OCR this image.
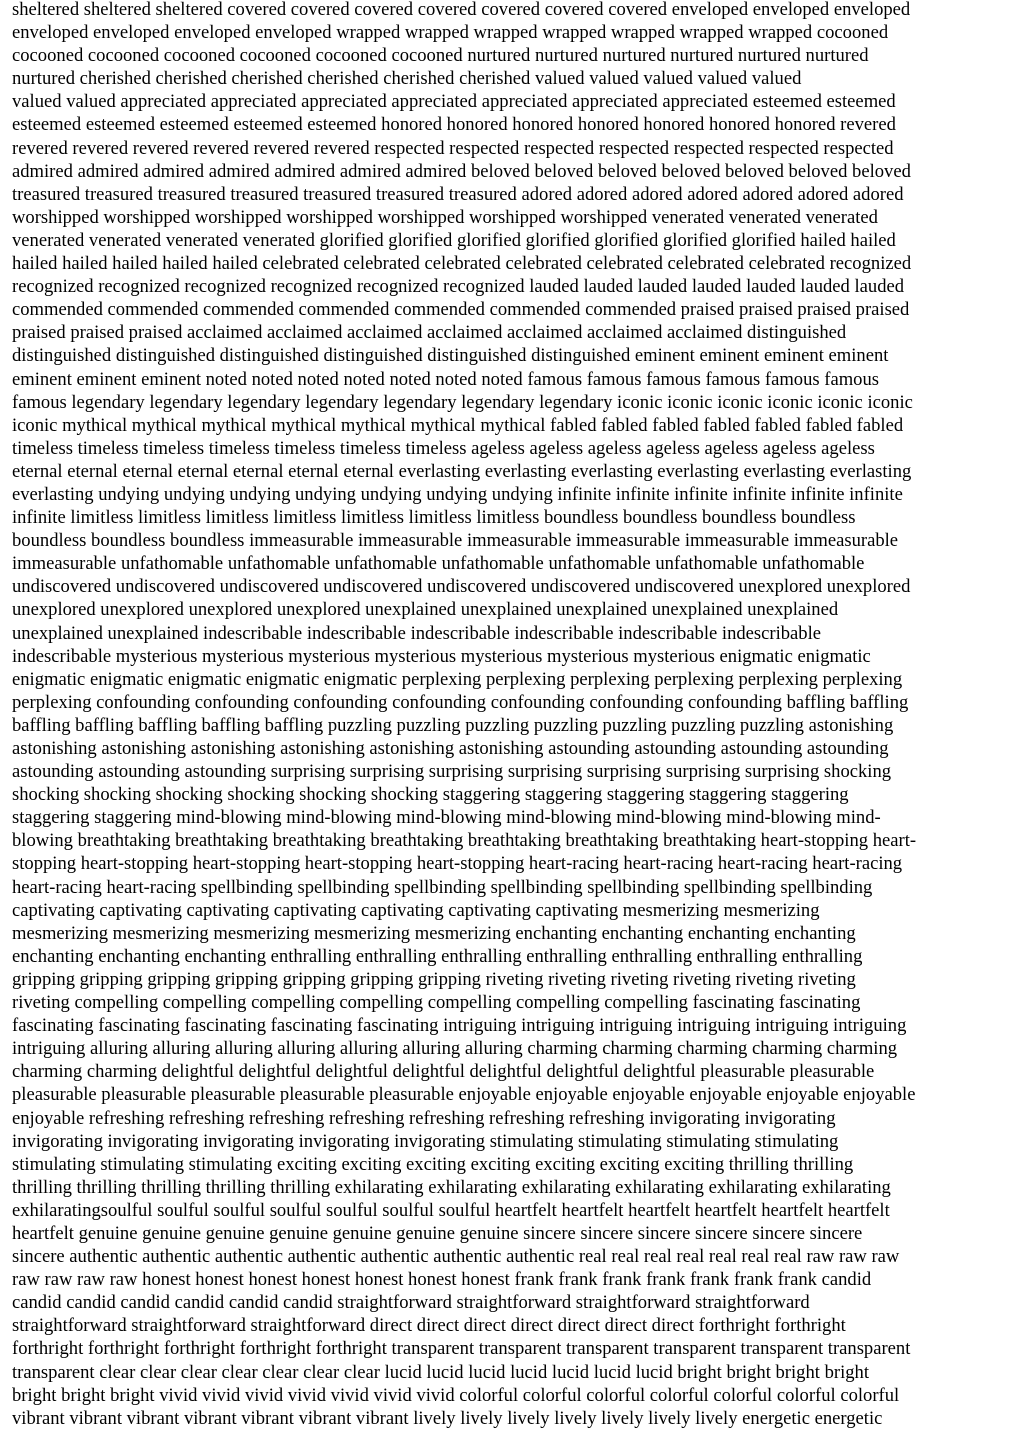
sheltered sheltered sheltered covered covered covered covered covered covered covered enveloped enveloped enveloped
enveloped enveloped enveloped enveloped wrapped wrapped wrapped wrapped wrapped wrapped wrapped cocooned
cocooned cocooned cocooned cocooned cocooned cocooned nurtured nurtured nurtured nurtured nurtured nurtured
nurtured cherished cherished cherished cherished cherished cherished valued valued valued valued valued
valued valued appreciated appreciated appreciated appreciated appreciated appreciated appreciated esteemed esteemed
esteemed esteemed esteemed esteemed esteemed honored honored honored honored honored honored honored revered
revered revered revered revered revered revered respected respected respected respected respected respected respected
admired admired admired admired admired admired admired beloved beloved beloved beloved beloved beloved beloved
treasured treasured treasured treasured treasured treasured treasured adored adored adored adored adored adored adored
worshipped worshipped worshipped worshipped worshipped worshipped worshipped venerated venerated venerated
venerated venerated venerated venerated glorified glorified glorified glorified glorified glorified glorified hailed hailed
hailed hailed hailed hailed hailed celebrated celebrated celebrated celebrated celebrated celebrated celebrated recognized
recognized recognized recognized recognized recognized recognized lauded lauded lauded lauded lauded lauded lauded
commended commended commended commended commended commended commended praised praised praised praised
praised praised praised acclaimed acclaimed acclaimed acclaimed acclaimed acclaimed acclaimed distinguished
distinguished distinguished distinguished distinguished distinguished distinguished eminent eminent eminent eminent
eminent eminent eminent noted noted noted noted noted noted noted famous famous famous famous famous famous
famous legendary legendary legendary legendary legendary legendary legendary iconic iconic iconic iconic iconic iconic
iconic mythical mythical mythical mythical mythical mythical mythical fabled fabled fabled fabled fabled fabled fabled
timeless timeless timeless timeless timeless timeless timeless ageless ageless ageless ageless ageless ageless ageless
eternal eternal eternal eternal eternal eternal eternal everlasting everlasting everlasting everlasting everlasting everlasting
everlasting undying undying undying undying undying undying undying infinite infinite infinite infinite infinite infinite
infinite limitless limitless limitless limitless limitless limitless limitless boundless boundless boundless boundless
boundless boundless boundless immeasurable immeasurable immeasurable immeasurable immeasurable immeasurable
immeasurable unfathomable unfathomable unfathomable unfathomable unfathomable unfathomable unfathomable
undiscovered undiscovered undiscovered undiscovered undiscovered undiscovered undiscovered unexplored unexplored
unexplored unexplored unexplored unexplored unexplained unexplained unexplained unexplained unexplained
unexplained unexplained indescribable indescribable indescribable indescribable indescribable indescribable
indescribable mysterious mysterious mysterious mysterious mysterious mysterious mysterious enigmatic enigmatic
enigmatic enigmatic enigmatic enigmatic enigmatic perplexing perplexing perplexing perplexing perplexing perplexing
perplexing confounding confounding confounding confounding confounding confounding confounding baffling baffling
baffling baffling baffling baffling baffling puzzling puzzling puzzling puzzling puzzling puzzling puzzling astonishing
astonishing astonishing astonishing astonishing astonishing astonishing astounding astounding astounding astounding
astounding astounding astounding surprising surprising surprising surprising surprising surprising surprising shocking
shocking shocking shocking shocking shocking shocking staggering staggering staggering staggering staggering
staggering staggering mind-blowing mind-blowing mind-blowing mind-blowing mind-blowing mind-blowing mind-
blowing breathtaking breathtaking breathtaking breathtaking breathtaking breathtaking breathtaking heart-stopping heart-
stopping heart-stopping heart-stopping heart-stopping heart-stopping heart-racing heart-racing heart-racing heart-racing
heart-racing heart-racing spellbinding spellbinding spellbinding spellbinding spellbinding spellbinding spellbinding
captivating captivating captivating captivating captivating captivating captivating mesmerizing mesmerizing
mesmerizing mesmerizing mesmerizing mesmerizing mesmerizing enchanting enchanting enchanting enchanting
enchanting enchanting enchanting enthralling enthralling enthralling enthralling enthralling enthralling enthralling
gripping gripping gripping gripping gripping gripping gripping riveting riveting riveting riveting riveting riveting
riveting compelling compelling compelling compelling compelling compelling compelling fascinating fascinating
fascinating fascinating fascinating fascinating fascinating intriguing intriguing intriguing intriguing intriguing intriguing
intriguing alluring alluring alluring alluring alluring alluring alluring charming charming charming charming charming
charming charming delightful delightful delightful delightful delightful delightful delightful pleasurable pleasurable
pleasurable pleasurable pleasurable pleasurable pleasurable enjoyable enjoyable enjoyable enjoyable enjoyable enjoyable
enjoyable refreshing refreshing refreshing refreshing refreshing refreshing refreshing invigorating invigorating
invigorating invigorating invigorating invigorating invigorating stimulating stimulating stimulating stimulating
stimulating stimulating stimulating exciting exciting exciting exciting exciting exciting exciting thrilling thrilling
thrilling thrilling thrilling thrilling thrilling exhilarating exhilarating exhilarating exhilarating exhilarating exhilarating
exhilaratingsoulful soulful soulful soulful soulful soulful soulful heartfelt heartfelt heartfelt heartfelt heartfelt heartfelt
heartfelt genuine genuine genuine genuine genuine genuine genuine sincere sincere sincere sincere sincere sincere
sincere authentic authentic authentic authentic authentic authentic authentic real real real real real real real raw raw raw
raw raw raw raw honest honest honest honest honest honest honest frank frank frank frank frank frank frank candid
candid candid candid candid candid candid straightforward straightforward straightforward straightforward
straightforward straightforward straightforward direct direct direct direct direct direct direct forthright forthright
forthright forthright forthright forthright forthright transparent transparent transparent transparent transparent transparent
transparent clear clear clear clear clear clear clear lucid lucid lucid lucid lucid lucid lucid bright bright bright bright
bright bright bright vivid vivid vivid vivid vivid vivid vivid colorful colorful colorful colorful colorful colorful colorful
vibrant vibrant vibrant vibrant vibrant vibrant vibrant lively lively lively lively lively lively lively energetic energetic
